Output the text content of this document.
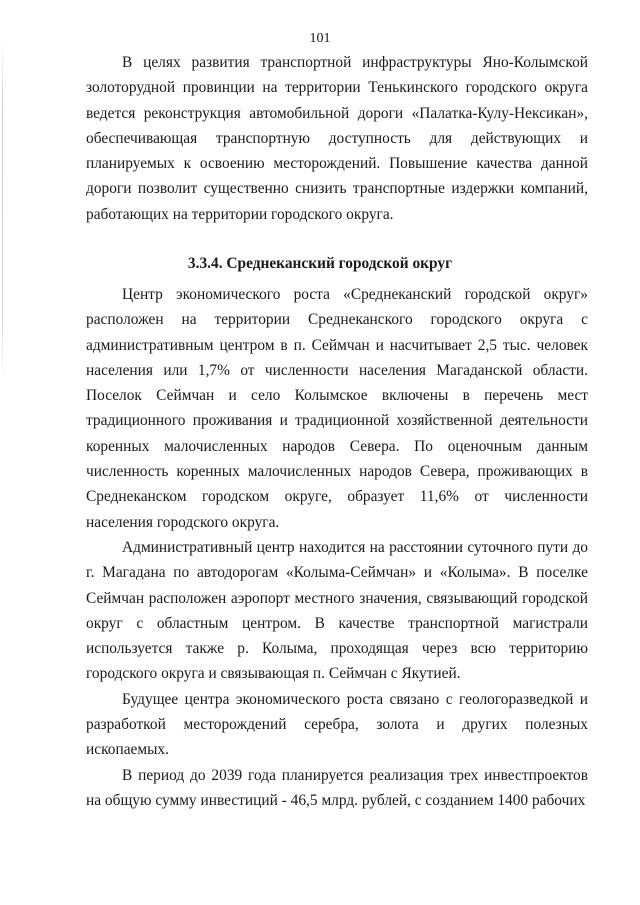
101

В целях развития транспортной инфраструктуры Яно-Колымской золоторудной провинции на территории Тенькинского городского округа ведется реконструкция автомобильной дороги «Палатка-Кулу-Нексикан», обеспечивающая транспортную доступность для действующих и планируемых к освоению месторождений. Повышение качества данной дороги позволит существенно снизить транспортные издержки компаний, работающих на территории городского округа.

3.3.4. Среднеканский городской округ

Центр экономического роста «Среднеканский городской округ» расположен на территории Среднеканского городского округа с административным центром в п. Сеймчан и насчитывает 2,5 тыс. человек населения или 1,7% от численности населения Магаданской области. Поселок Сеймчан и село Колымское включены в перечень мест традиционного проживания и традиционной хозяйственной деятельности коренных малочисленных народов Севера. По оценочным данным численность коренных малочисленных народов Севера, проживающих в Среднеканском городском округе, образует 11,6% от численности населения городского округа.

Административный центр находится на расстоянии суточного пути до г. Магадана по автодорогам «Колыма-Сеймчан» и «Колыма». В поселке Сеймчан расположен аэропорт местного значения, связывающий городской округ с областным центром. В качестве транспортной магистрали используется также р. Колыма, проходящая через всю территорию городского округа и связывающая п. Сеймчан с Якутией.

Будущее центра экономического роста связано с геологоразведкой и разработкой месторождений серебра, золота и других полезных ископаемых.

В период до 2039 года планируется реализация трех инвестпроектов на общую сумму инвестиций - 46,5 млрд. рублей, с созданием 1400 рабочих
